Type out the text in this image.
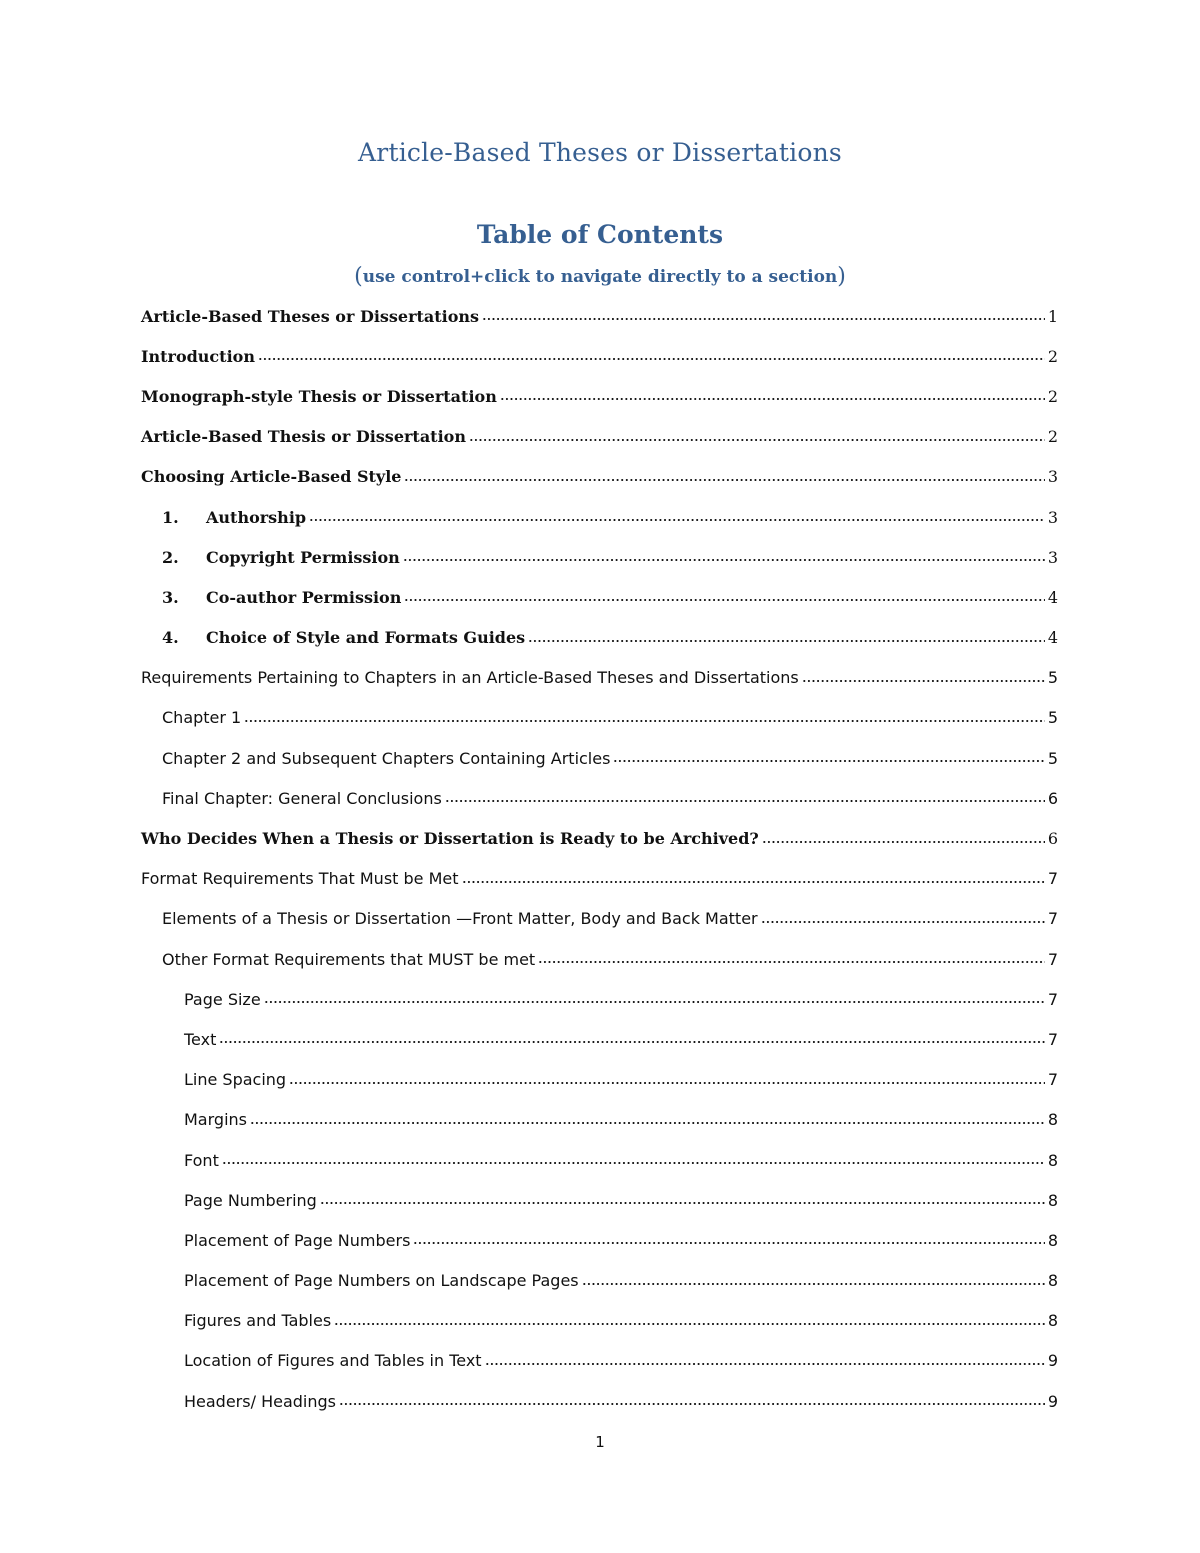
Article-Based Theses or Dissertations
Table of Contents
(use control+click to navigate directly to a section)
Article-Based Theses or Dissertations	1
Introduction	2
Monograph-style Thesis or Dissertation	2
Article-Based Thesis or Dissertation	2
Choosing Article-Based Style	3
1.	Authorship	3
2.	Copyright Permission	3
3.	Co-author Permission	4
4.	Choice of Style and Formats Guides	4
Requirements Pertaining to Chapters in an Article-Based Theses and Dissertations	5
Chapter 1	5
Chapter 2 and Subsequent Chapters Containing Articles	5
Final Chapter: General Conclusions	6
Who Decides When a Thesis or Dissertation is Ready to be Archived?	6
Format Requirements That Must be Met	7
Elements of a Thesis or Dissertation —Front Matter, Body and Back Matter	7
Other Format Requirements that MUST be met	7
Page Size	7
Text	7
Line Spacing	7
Margins	8
Font	8
Page Numbering	8
Placement of Page Numbers	8
Placement of Page Numbers on Landscape Pages	8
Figures and Tables	8
Location of Figures and Tables in Text	9
Headers/ Headings	9
1
